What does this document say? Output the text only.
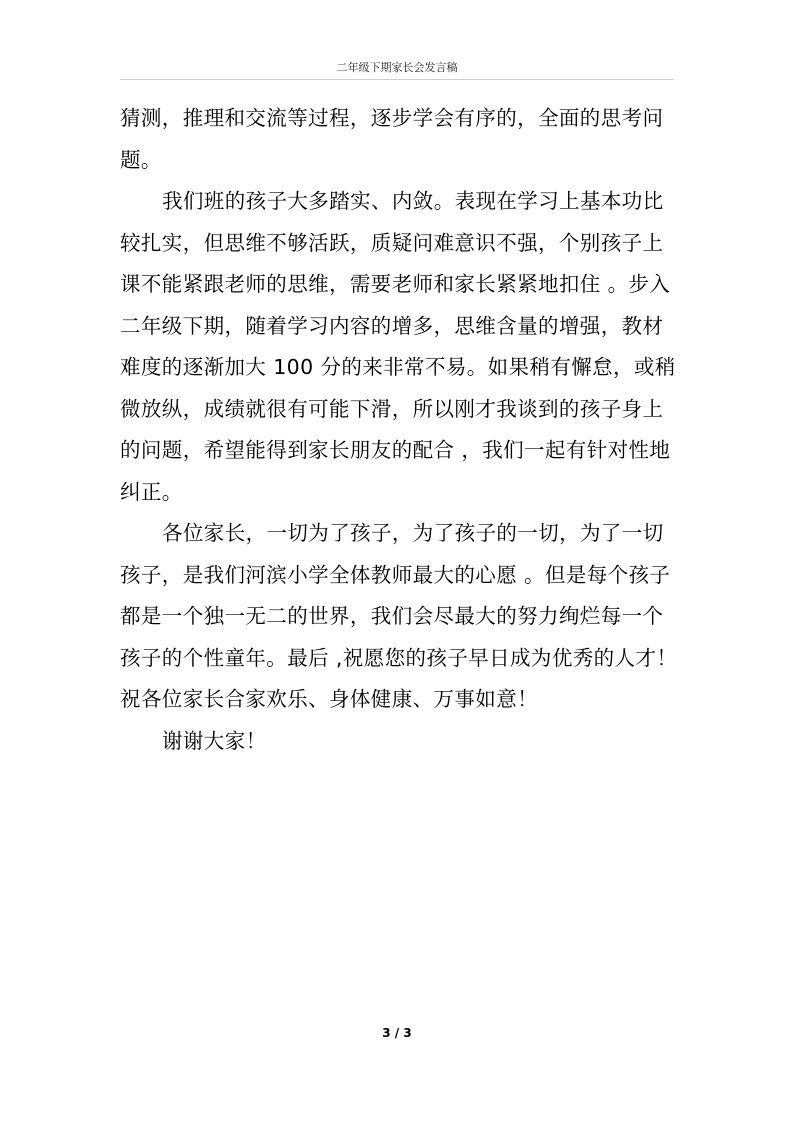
二年级下期家长会发言稿
猜测，推理和交流等过程，逐步学会有序的，全面的思考问
题。
我们班的孩子大多踏实、内敛。表现在学习上基本功比
较扎实，但思维不够活跃，质疑问难意识不强，个别孩子上
课不能紧跟老师的思维，需要老师和家长紧紧地扣住 。步入
二年级下期，随着学习内容的增多，思维含量的增强，教材
难度的逐渐加大 100 分的来非常不易。如果稍有懈怠，或稍
微放纵，成绩就很有可能下滑，所以刚才我谈到的孩子身上
的问题，希望能得到家长朋友的配合 ，我们一起有针对性地
纠正。
各位家长，一切为了孩子，为了孩子的一切，为了一切
孩子，是我们河滨小学全体教师最大的心愿 。但是每个孩子
都是一个独一无二的世界，我们会尽最大的努力绚烂每一个
孩子的个性童年。最后 ,祝愿您的孩子早日成为优秀的人才！
祝各位家长合家欢乐、身体健康、万事如意！
谢谢大家！
3 / 3
